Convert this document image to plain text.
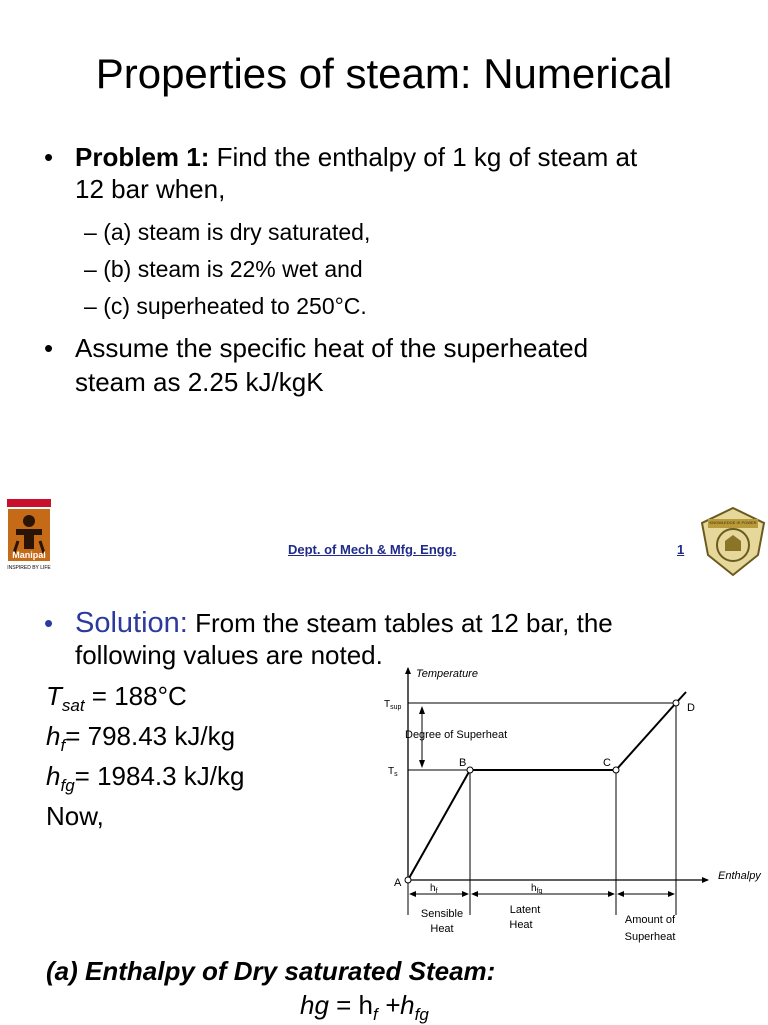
Properties of steam: Numerical
• Problem 1: Find the enthalpy of 1 kg of steam at
12 bar when,
– (a) steam is dry saturated,
– (b) steam is 22% wet and
– (c) superheated to 250°C.
• Assume the specific heat of the superheated
steam as 2.25 kJ/kgK
Manipal
INSPIRED BY LIFE
Dept. of Mech & Mfg. Engg.	1
KNOWLEDGE IS POWER
• Solution: From the steam tables at 12 bar, the
following values are noted.
$T_{sat} = 188^\circ C$
$h_f= 798.43$ kJ/kg
$h_{fg}= 1984.3$ kJ/kg
Now,
Temperature
Enthalpy
$T_{sup}$
$T_s$
Degree of Superheat
A
B	C
D
$h_f$	$h_{fg}$
Sensible
Heat
Latent
Heat	Amount of
Superheat
(a) Enthalpy of Dry saturated Steam:
hg = $h_f +h_{fg}$
